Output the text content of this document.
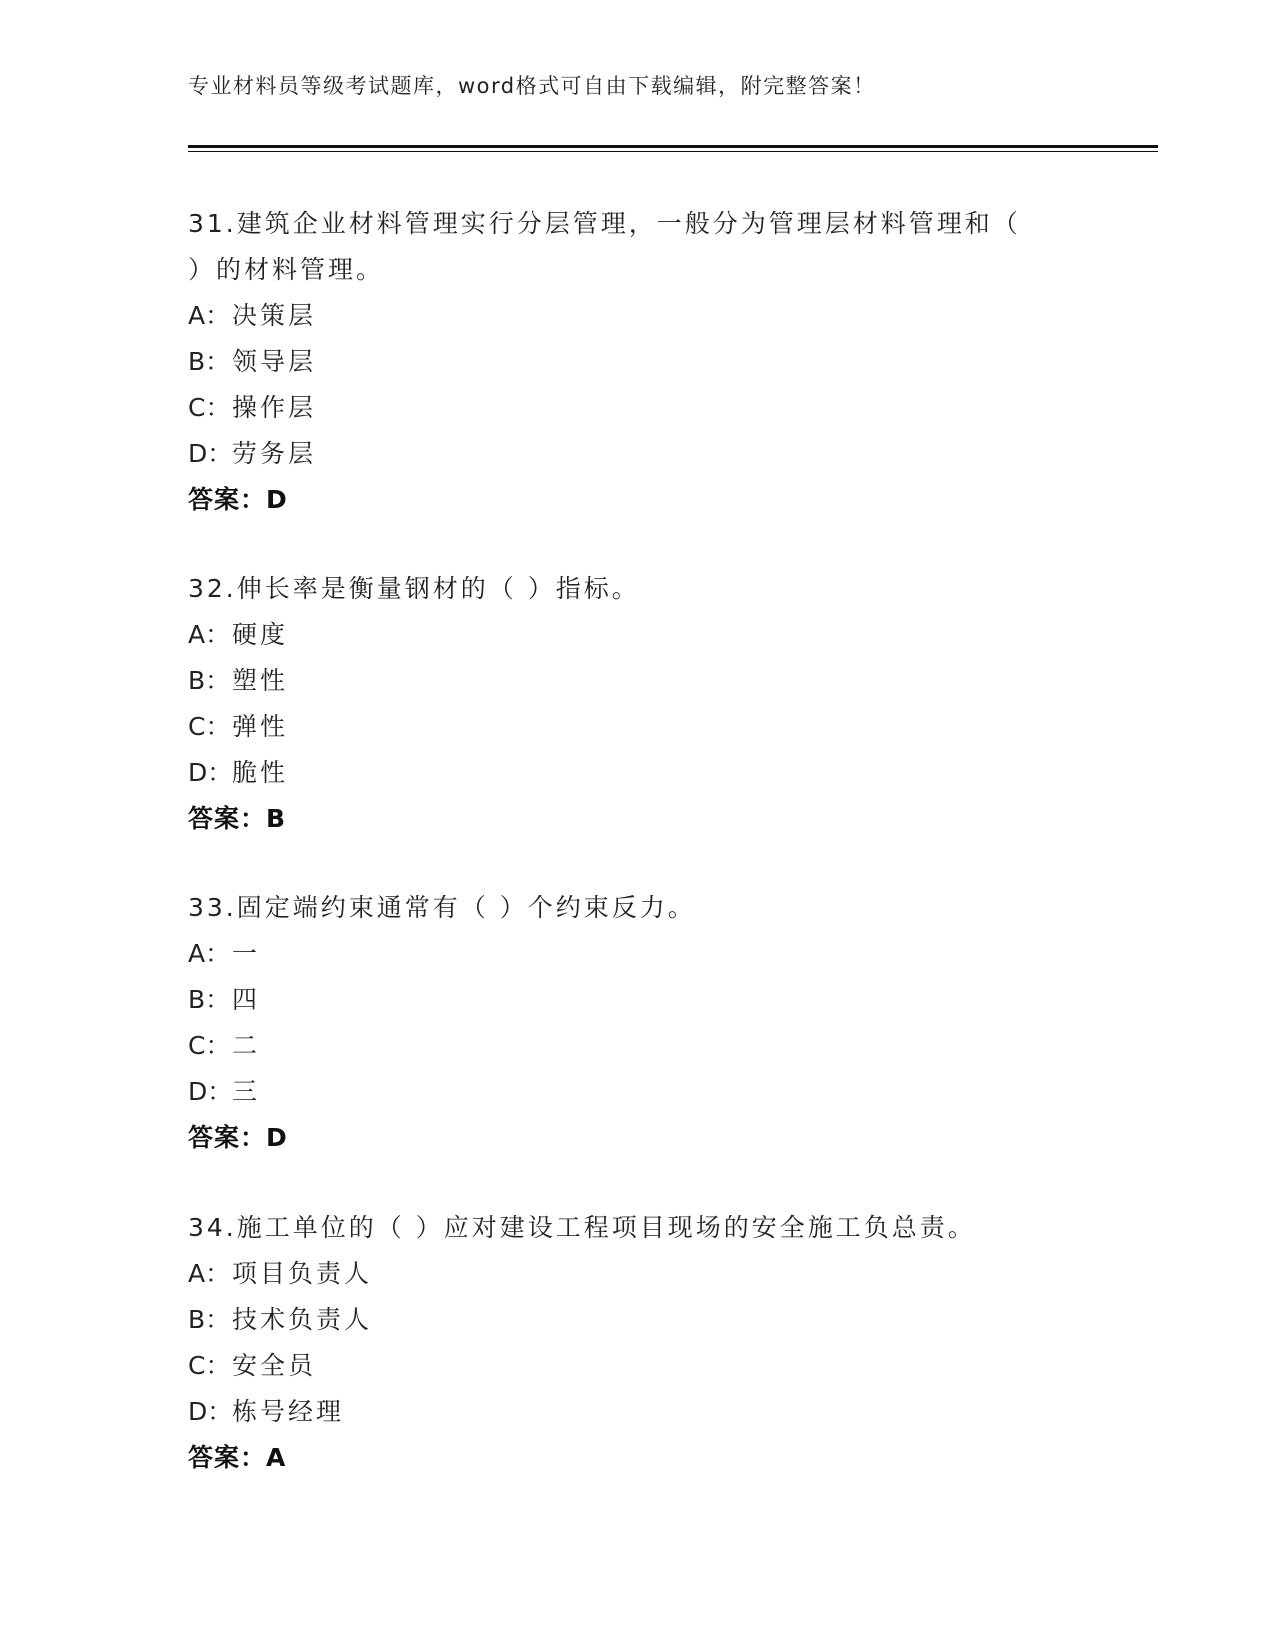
专业材料员等级考试题库，word格式可自由下载编辑，附完整答案！
31.建筑企业材料管理实行分层管理，一般分为管理层材料管理和（
）的材料管理。
A：决策层
B：领导层
C：操作层
D：劳务层
答案：D
32.伸长率是衡量钢材的（ ）指标。
A：硬度
B：塑性
C：弹性
D：脆性
答案：B
33.固定端约束通常有（ ）个约束反力。
A：一
B：四
C：二
D：三
答案：D
34.施工单位的（ ）应对建设工程项目现场的安全施工负总责。
A：项目负责人
B：技术负责人
C：安全员
D：栋号经理
答案：A
